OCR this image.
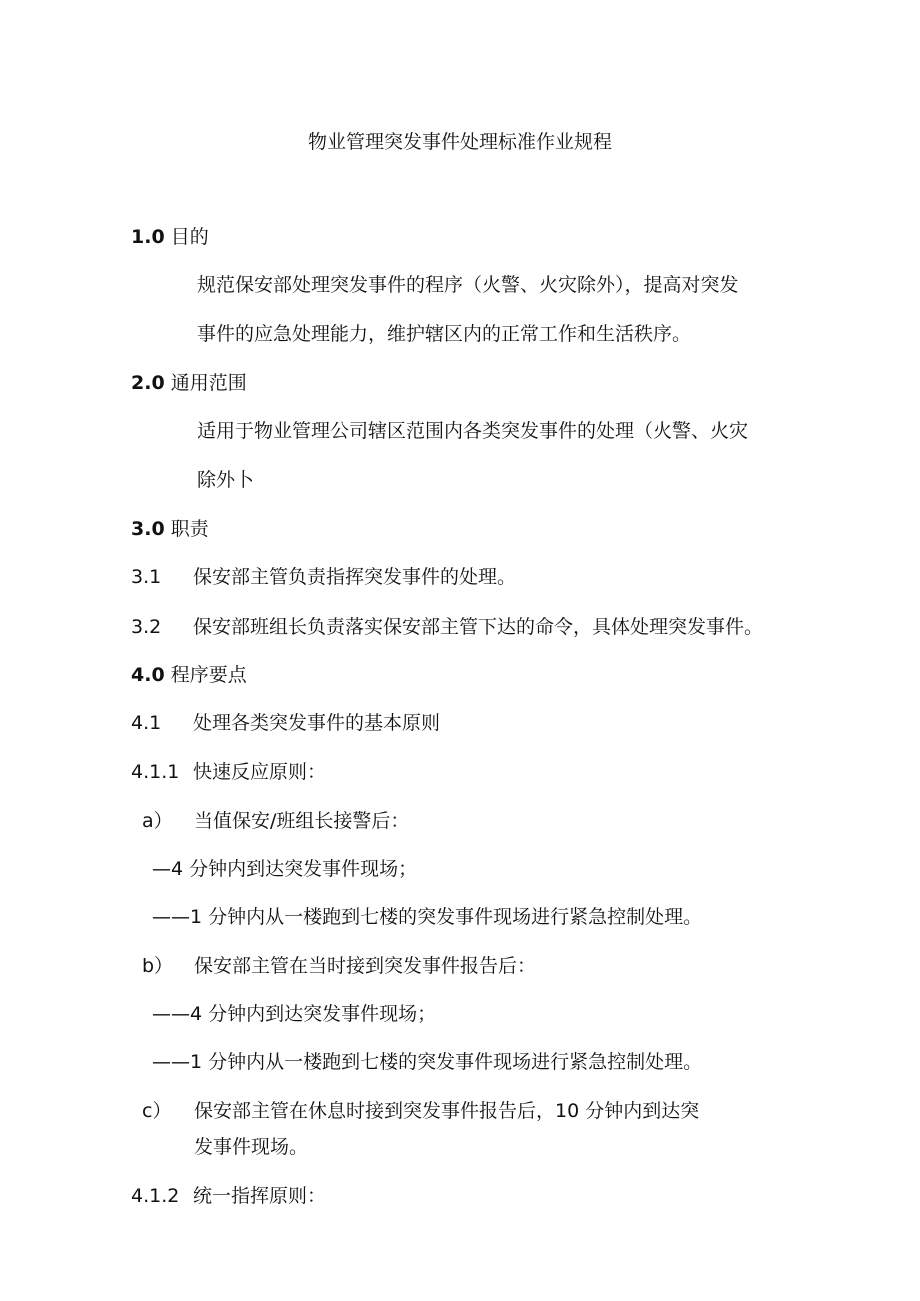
物业管理突发事件处理标准作业规程
1.0 目的
规范保安部处理突发事件的程序（火警、火灾除外），提高对突发
事件的应急处理能力，维护辖区内的正常工作和生活秩序。
2.0 通用范围
适用于物业管理公司辖区范围内各类突发事件的处理（火警、火灾
除外卜
3.0 职责
3.1 保安部主管负责指挥突发事件的处理。
3.2 保安部班组长负责落实保安部主管下达的命令，具体处理突发事件。
4.0 程序要点
4.1 处理各类突发事件的基本原则
4.1.1 快速反应原则：
a） 当值保安/班组长接警后：
—4 分钟内到达突发事件现场；
——1 分钟内从一楼跑到七楼的突发事件现场进行紧急控制处理。
b） 保安部主管在当时接到突发事件报告后：
——4 分钟内到达突发事件现场；
——1 分钟内从一楼跑到七楼的突发事件现场进行紧急控制处理。
c） 保安部主管在休息时接到突发事件报告后，10 分钟内到达突
发事件现场。
4.1.2 统一指挥原则：
